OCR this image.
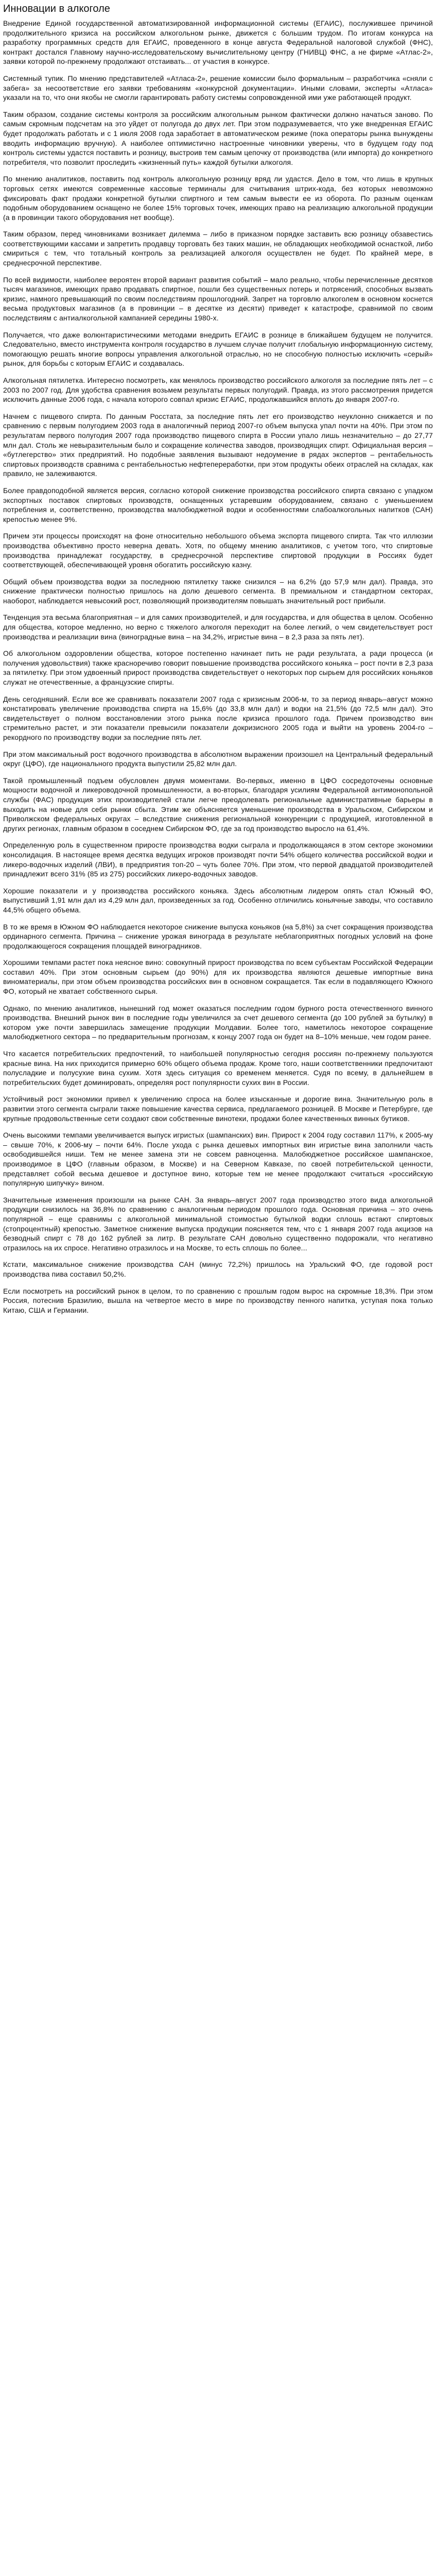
Инновации в алкоголе

Внедрение Единой государственной автоматизированной информационной системы (ЕГАИС), послужившее причиной продолжительного кризиса на российском алкогольном рынке, движется с большим трудом. По итогам конкурса на разработку программных средств для ЕГАИС, проведенного в конце августа Федеральной налоговой службой (ФНС), контракт достался Главному научно-исследовательскому вычислительному центру (ГНИВЦ) ФНС, а не фирме «Атлас-2», заявки которой по-прежнему продолжают отстаивать... от участия в конкурсе.

Системный тупик. По мнению представителей «Атласа-2», решение комиссии было формальным – разработчика «сняли с забега» за несоответствие его заявки требованиям «конкурсной документации». Иными словами, эксперты «Атласа» указали на то, что они якобы не смогли гарантировать работу системы сопровожденной ими уже работающей продукт.

Таким образом, создание системы контроля за российским алкогольным рынком фактически должно начаться заново. По самым скромным подсчетам на это уйдет от полугода до двух лет. При этом подразумевается, что уже внедренная ЕГАИС будет продолжать работать и с 1 июля 2008 года заработает в автоматическом режиме (пока операторы рынка вынуждены вводить информацию вручную). А наиболее оптимистично настроенные чиновники уверены, что в будущем году под контроль системы удастся поставить и розницу, выстроив тем самым цепочку от производства (или импорта) до конкретного потребителя, что позволит проследить «жизненный путь» каждой бутылки алкоголя.

По мнению аналитиков, поставить под контроль алкогольную розницу вряд ли удастся. Дело в том, что лишь в крупных торговых сетях имеются современные кассовые терминалы для считывания штрих-кода, без которых невозможно фиксировать факт продажи конкретной бутылки спиртного и тем самым вывести ее из оборота. По разным оценкам подобным оборудованием оснащено не более 15% торговых точек, имеющих право на реализацию алкогольной продукции (а в провинции такого оборудования нет вообще).

Таким образом, перед чиновниками возникает дилемма – либо в приказном порядке заставить всю розницу обзавестись соответствующими кассами и запретить продавцу торговать без таких машин, не обладающих необходимой оснасткой, либо смириться с тем, что тотальный контроль за реализацией алкоголя осуществлен не будет. По крайней мере, в среднесрочной перспективе.

По всей видимости, наиболее вероятен второй вариант развития событий – мало реально, чтобы перечисленные десятков тысяч магазинов, имеющих право продавать спиртное, пошли без существенных потерь и потрясений, способных вызвать кризис, намного превышающий по своим последствиям прошлогодний. Запрет на торговлю алкоголем в основном коснется весьма продуктовых магазинов (а в провинции – в десятке из десяти) приведет к катастрофе, сравнимой по своим последствиям с антиалкогольной кампанией середины 1980-х.

Получается, что даже волюнтаристическими методами внедрить ЕГАИС в рознице в ближайшем будущем не получится. Следовательно, вместо инструмента контроля государство в лучшем случае получит глобальную информационную систему, помогающую решать многие вопросы управления алкогольной отраслью, но не способную полностью исключить «серый» рынок, для борьбы с которым ЕГАИС и создавалась.

Алкогольная пятилетка. Интересно посмотреть, как менялось производство российского алкоголя за последние пять лет – с 2003 по 2007 год. Для удобства сравнения возьмем результаты первых полугодий. Правда, из этого рассмотрения придется исключить данные 2006 года, с начала которого совпал кризис ЕГАИС, продолжавшийся вплоть до января 2007-го.

Начнем с пищевого спирта. По данным Росстата, за последние пять лет его производство неуклонно снижается и по сравнению с первым полугодием 2003 года в аналогичный период 2007-го объем выпуска упал почти на 40%. При этом по результатам первого полугодия 2007 года производство пищевого спирта в России упало лишь незначительно – до 27,77 млн дал. Столь же невыразительным было и сокращение количества заводов, производящих спирт. Официальная версия – «бутлегерство» этих предприятий. Но подобные заявления вызывают недоумение в рядах экспертов – рентабельность спиртовых производств сравнима с рентабельностью нефтепереработки, при этом продукты обеих отраслей на складах, как правило, не залеживаются.

Более правдоподобной является версия, согласно которой снижение производства российского спирта связано с упадком экспортных поставок спиртовых производств, оснащенных устаревшим оборудованием, связано с уменьшением потребления и, соответственно, производства малобюджетной водки и особенностями слабоалкогольных напитков (САН) крепостью менее 9%.

Причем эти процессы происходят на фоне относительно небольшого объема экспорта пищевого спирта. Так что иллюзии производства объективно просто неверна девать. Хотя, по общему мнению аналитиков, с учетом того, что спиртовые производства принадлежат государству, в среднесрочной перспективе спиртовой продукции в Россиях будет соответствующей, обеспечивающей уровня обогатить российскую казну.

Общий объем производства водки за последнюю пятилетку также снизился – на 6,2% (до 57,9 млн дал). Правда, это снижение практически полностью пришлось на долю дешевого сегмента. В премиальном и стандартном секторах, наоборот, наблюдается невысокий рост, позволяющий производителям повышать значительный рост прибыли.

Тенденция эта весьма благоприятная – и для самих производителей, и для государства, и для общества в целом. Особенно для общества, которое медленно, но верно с тяжелого алкоголя переходит на более легкий, о чем свидетельствует рост производства и реализации вина (виноградные вина – на 34,2%, игристые вина – в 2,3 раза за пять лет).

Об алкогольном оздоровлении общества, которое постепенно начинает пить не ради результата, а ради процесса (и получения удовольствия) также красноречиво говорит повышение производства российского коньяка – рост почти в 2,3 раза за пятилетку. При этом удвоенный прирост производства свидетельствует о некоторых пор сырьем для российских коньяков служат не отечественные, а французские спирты.

День сегодняшний. Если все же сравнивать показатели 2007 года с кризисным 2006-м, то за период январь–август можно констатировать увеличение производства спирта на 15,6% (до 33,8 млн дал) и водки на 21,5% (до 72,5 млн дал). Это свидетельствует о полном восстановлении этого рынка после кризиса прошлого года. Причем производство вин стремительно растет, и эти показатели превысили показатели докризисного 2005 года и выйти на уровень 2004-го – рекордного по производству водки за последние пять лет.

При этом максимальный рост водочного производства в абсолютном выражении произошел на Центральный федеральный округ (ЦФО), где национального продукта выпустили 25,82 млн дал.

Такой промышленный подъем обусловлен двумя моментами. Во-первых, именно в ЦФО сосредоточены основные мощности водочной и ликероводочной промышленности, а во-вторых, благодаря усилиям Федеральной антимонопольной службы (ФАС) продукция этих производителей стали легче преодолевать региональные административные барьеры в выходить на новые для себя рынки сбыта. Этим же объясняется уменьшение производства в Уральском, Сибирском и Приволжском федеральных округах – вследствие снижения региональной конкуренции с продукцией, изготовленной в других регионах, главным образом в соседнем Сибирском ФО, где за год производство выросло на 61,4%.

Определенную роль в существенном приросте производства водки сыграла и продолжающаяся в этом секторе экономики консолидация. В настоящее время десятка ведущих игроков производят почти 54% общего количества российской водки и ликеро-водочных изделий (ЛВИ), в предприятия топ-20 – чуть более 70%. При этом, что первой двадцатой производителей принадлежит всего 31% (85 из 275) российских ликеро-водочных заводов.

Хорошие показатели и у производства российского коньяка. Здесь абсолютным лидером опять стал Южный ФО, выпустивший 1,91 млн дал из 4,29 млн дал, произведенных за год. Особенно отличились коньячные заводы, что составило 44,5% общего объема.

В то же время в Южном ФО наблюдается некоторое снижение выпуска коньяков (на 5,8%) за счет сокращения производства ординарного сегмента. Причина – снижение урожая винограда в результате неблагоприятных погодных условий на фоне продолжающегося сокращения площадей виноградников.

Хорошими темпами растет пока неясное вино: совокупный прирост производства по всем субъектам Российской Федерации составил 40%. При этом основным сырьем (до 90%) для их производства являются дешевые импортные вина виноматериалы, при этом объем производства российских вин в основном сокращается. Так если в подавляющего Южного ФО, который не хватает собственного сырья.

Однако, по мнению аналитиков, нынешний год может оказаться последним годом бурного роста отечественного винного производства. Внешний рынок вин в последние годы увеличился за счет дешевого сегмента (до 100 рублей за бутылку) в котором уже почти завершилась замещение продукции Молдавии. Более того, наметилось некоторое сокращение малобюджетного сектора – по предварительным прогнозам, к концу 2007 года он будет на 8–10% меньше, чем годом ранее.

Что касается потребительских предпочтений, то наибольшей популярностью сегодня россиян по-прежнему пользуются красные вина. На них приходится примерно 60% общего объема продаж. Кроме того, наши соответственники предпочитают полусладкие и полусухие вина сухим. Хотя здесь ситуация со временем меняется. Судя по всему, в дальнейшем в потребительских будет доминировать, определяя рост популярности сухих вин в России.

Устойчивый рост экономики привел к увеличению спроса на более изысканные и дорогие вина. Значительную роль в развитии этого сегмента сыграли также повышение качества сервиса, предлагаемого розницей. В Москве и Петербурге, где крупные продовольственные сети создают свои собственные винотеки, продажи более качественных винных бутиков.

Очень высокими темпами увеличивается выпуск игристых (шампанских) вин. Прирост к 2004 году составил 117%, к 2005-му – свыше 70%, к 2006-му – почти 64%. После ухода с рынка дешевых импортных вин игристые вина заполнили часть освободившейся ниши. Тем не менее замена эти не совсем равноценна. Малобюджетное российское шампанское, производимое в ЦФО (главным образом, в Москве) и на Северном Кавказе, по своей потребительской ценности, представляет собой весьма дешевое и доступное вино, которые тем не менее продолжают считаться «российскую популярную шипучку» вином.

Значительные изменения произошли на рынке САН. За январь–август 2007 года производство этого вида алкогольной продукции снизилось на 36,8% по сравнению с аналогичным периодом прошлого года. Основная причина – это очень популярной – еще сравнимы с алкогольной минимальной стоимостью бутылкой водки сплошь встают спиртовых (стопроцентный) крепостью. Заметное снижение выпуска продукции поясняется тем, что с 1 января 2007 года акцизов на безводный спирт с 78 до 162 рублей за литр. В результате САН довольно существенно подорожали, что негативно отразилось на их спросе. Негативно отразилось и на Москве, то есть сплошь по более...

Кстати, максимальное снижение производства САН (минус 72,2%) пришлось на Уральский ФО, где годовой рост производства пива составил 50,2%.

Если посмотреть на российский рынок в целом, то по сравнению с прошлым годом вырос на скромные 18,3%. При этом Россия, потеснив Бразилию, вышла на четвертое место в мире по производству пенного напитка, уступая пока только Китаю, США и Германии.
